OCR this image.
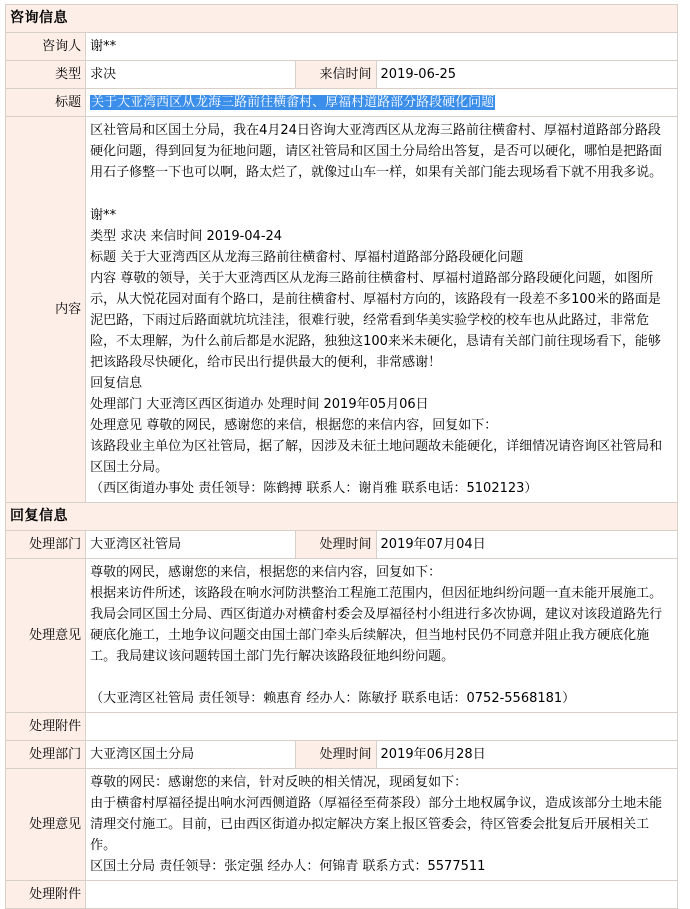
咨询信息			
咨询人	谢**		
类型	求决	来信时间	2019-06-25
标题	关于大亚湾西区从龙海三路前往横畲村、厚福村道路部分路段硬化问题		
内容	

区社管局和区国土分局，我在4月24日咨询大亚湾西区从龙海三路前往横畲村、厚福村道路部分路段硬化问题，得到回复为征地问题，请区社管局和区国土分局给出答复，是否可以硬化，哪怕是把路面用石子修整一下也可以啊，路太烂了，就像过山车一样，如果有关部门能去现场看下就不用我多说。

谢**

类型 求决 来信时间 2019-04-24

标题 关于大亚湾西区从龙海三路前往横畲村、厚福村道路部分路段硬化问题

内容 尊敬的领导，关于大亚湾西区从龙海三路前往横畲村、厚福村道路部分路段硬化问题，如图所示，从大悦花园对面有个路口，是前往横畲村、厚福村方向的，该路段有一段差不多100米的路面是泥巴路，下雨过后路面就坑坑洼洼，很难行驶，经常看到华美实验学校的校车也从此路过，非常危险，不太理解，为什么前后都是水泥路，独独这100来米未硬化，恳请有关部门前往现场看下，能够把该路段尽快硬化，给市民出行提供最大的便利，非常感谢！

回复信息

处理部门 大亚湾区西区街道办 处理时间 2019年05月06日

处理意见 尊敬的网民，感谢您的来信，根据您的来信内容，回复如下：

该路段业主单位为区社管局，据了解，因涉及未征土地问题故未能硬化，详细情况请咨询区社管局和区国土分局。

（西区街道办事处 责任领导：陈鹤搏 联系人：谢肖雅 联系电话：5102123）

回复信息			
处理部门	大亚湾区社管局	处理时间	2019年07月04日
处理意见	尊敬的网民，感谢您的来信，根据您的来信内容，回复如下：

根据来访件所述，该路段在响水河防洪整治工程施工范围内，但因征地纠纷问题一直未能开展施工。我局会同区国土分局、西区街道办对横畲村委会及厚福径村小组进行多次协调，建议对该段道路先行硬底化施工，土地争议问题交由国土部门牵头后续解决，但当地村民仍不同意并阻止我方硬底化施工。我局建议该问题转国土部门先行解决该路段征地纠纷问题。

（大亚湾区社管局 责任领导：赖惠育 经办人：陈敏抒 联系电话：0752-5568181）		

处理附件			
处理部门	大亚湾区国土分局	处理时间	2019年06月28日
处理意见	尊敬的网民：感谢您的来信，针对反映的相关情况，现函复如下：

由于横畲村厚福径提出响水河西侧道路（厚福径至荷茶段）部分土地权属争议，造成该部分土地未能清理交付施工。目前，已由西区街道办拟定解决方案上报区管委会，待区管委会批复后开展相关工作。

区国土分局 责任领导：张定强 经办人：何锦青 联系方式：5577511		

处理附件			
